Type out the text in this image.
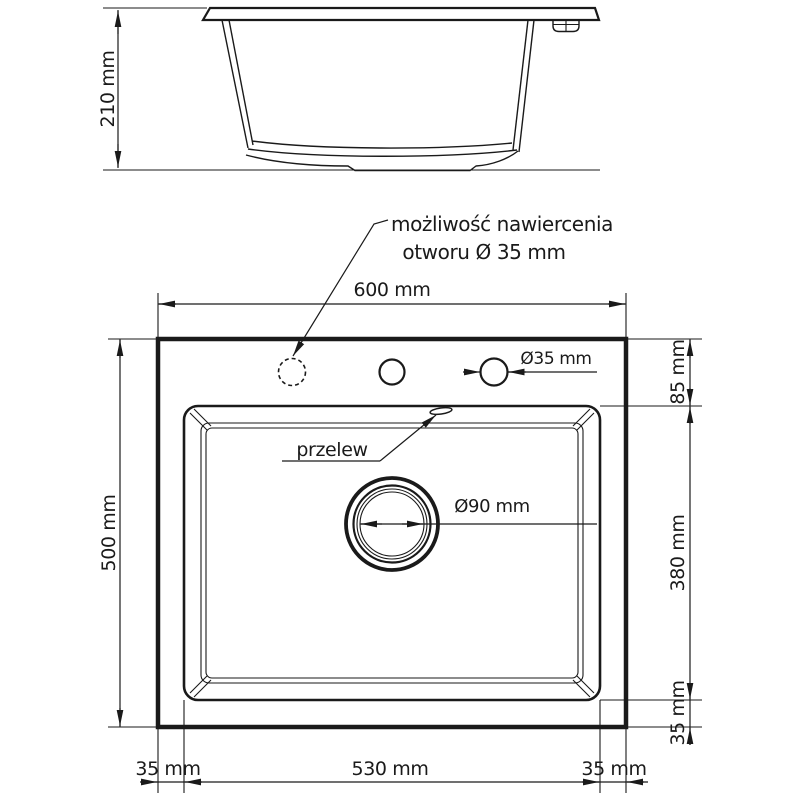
210 mm
Ø35 mm
przelew
Ø90 mm
600 mm
500 mm
85 mm
380 mm
35 mm
35 mm	530 mm	35 mm
możliwość nawiercenia
otworu Ø 35 mm
